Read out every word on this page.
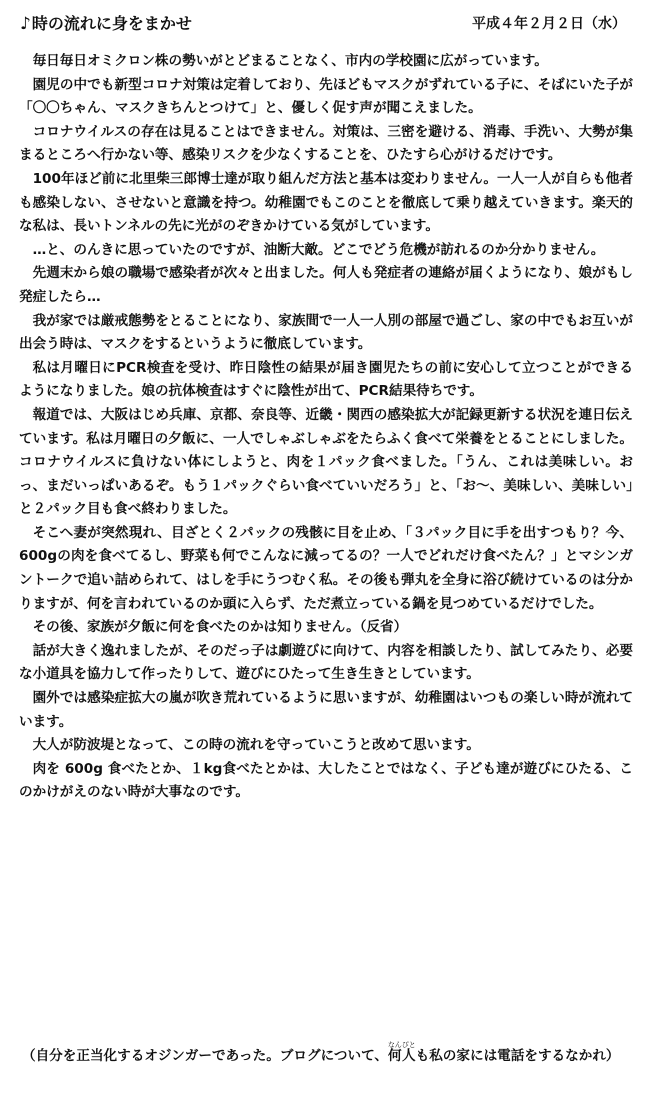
♪時の流れに身をまかせ	平成４年２月２日（水）

毎日毎日オミクロン株の勢いがとどまることなく、市内の学校園に広がっています。

園児の中でも新型コロナ対策は定着しており、先ほどもマスクがずれている子に、そばにいた子が「〇〇ちゃん、マスクきちんとつけて」と、優しく促す声が聞こえました。

コロナウイルスの存在は見ることはできません。対策は、三密を避ける、消毒、手洗い、大勢が集まるところへ行かない等、感染リスクを少なくすることを、ひたすら心がけるだけです。

100年ほど前に北里柴三郎博士達が取り組んだ方法と基本は変わりません。一人一人が自らも他者も感染しない、させないと意識を持つ。幼稚園でもこのことを徹底して乗り越えていきます。楽天的な私は、長いトンネルの先に光がのぞきかけている気がしています。

…と、のんきに思っていたのですが、油断大敵。どこでどう危機が訪れるのか分かりません。

先週末から娘の職場で感染者が次々と出ました。何人も発症者の連絡が届くようになり、娘がもし発症したら…

我が家では厳戒態勢をとることになり、家族間で一人一人別の部屋で過ごし、家の中でもお互いが出会う時は、マスクをするというように徹底しています。

私は月曜日にPCR検査を受け、昨日陰性の結果が届き園児たちの前に安心して立つことができるようになりました。娘の抗体検査はすぐに陰性が出て、PCR結果待ちです。

報道では、大阪はじめ兵庫、京都、奈良等、近畿・関西の感染拡大が記録更新する状況を連日伝えています。私は月曜日の夕飯に、一人でしゃぶしゃぶをたらふく食べて栄養をとることにしました。コロナウイルスに負けない体にしようと、肉を１パック食べました。「うん、これは美味しい。おっ、まだいっぱいあるぞ。もう１パックぐらい食べていいだろう」と、「お～、美味しい、美味しい」と２パック目も食べ終わりました。

そこへ妻が突然現れ、目ざとく２パックの残骸に目を止め、「３パック目に手を出すつもり？今、600gの肉を食べてるし、野菜も何でこんなに減ってるの？一人でどれだけ食べたん？」とマシンガントークで追い詰められて、はしを手にうつむく私。その後も弾丸を全身に浴び続けているのは分かりますが、何を言われているのか頭に入らず、ただ煮立っている鍋を見つめているだけでした。

その後、家族が夕飯に何を食べたのかは知りません。（反省）

話が大きく逸れましたが、そのだっ子は劇遊びに向けて、内容を相談したり、試してみたり、必要な小道具を協力して作ったりして、遊びにひたって生き生きとしています。

園外では感染症拡大の嵐が吹き荒れているように思いますが、幼稚園はいつもの楽しい時が流れています。

大人が防波堤となって、この時の流れを守っていこうと改めて思います。

肉を 600g 食べたとか、１kg食べたとかは、大したことではなく、子ども達が遊びにひたる、このかけがえのない時が大事なのです。

（自分を正当化するオジンガーであった。ブログについて、何人なんぴとも私の家には電話をするなかれ）
